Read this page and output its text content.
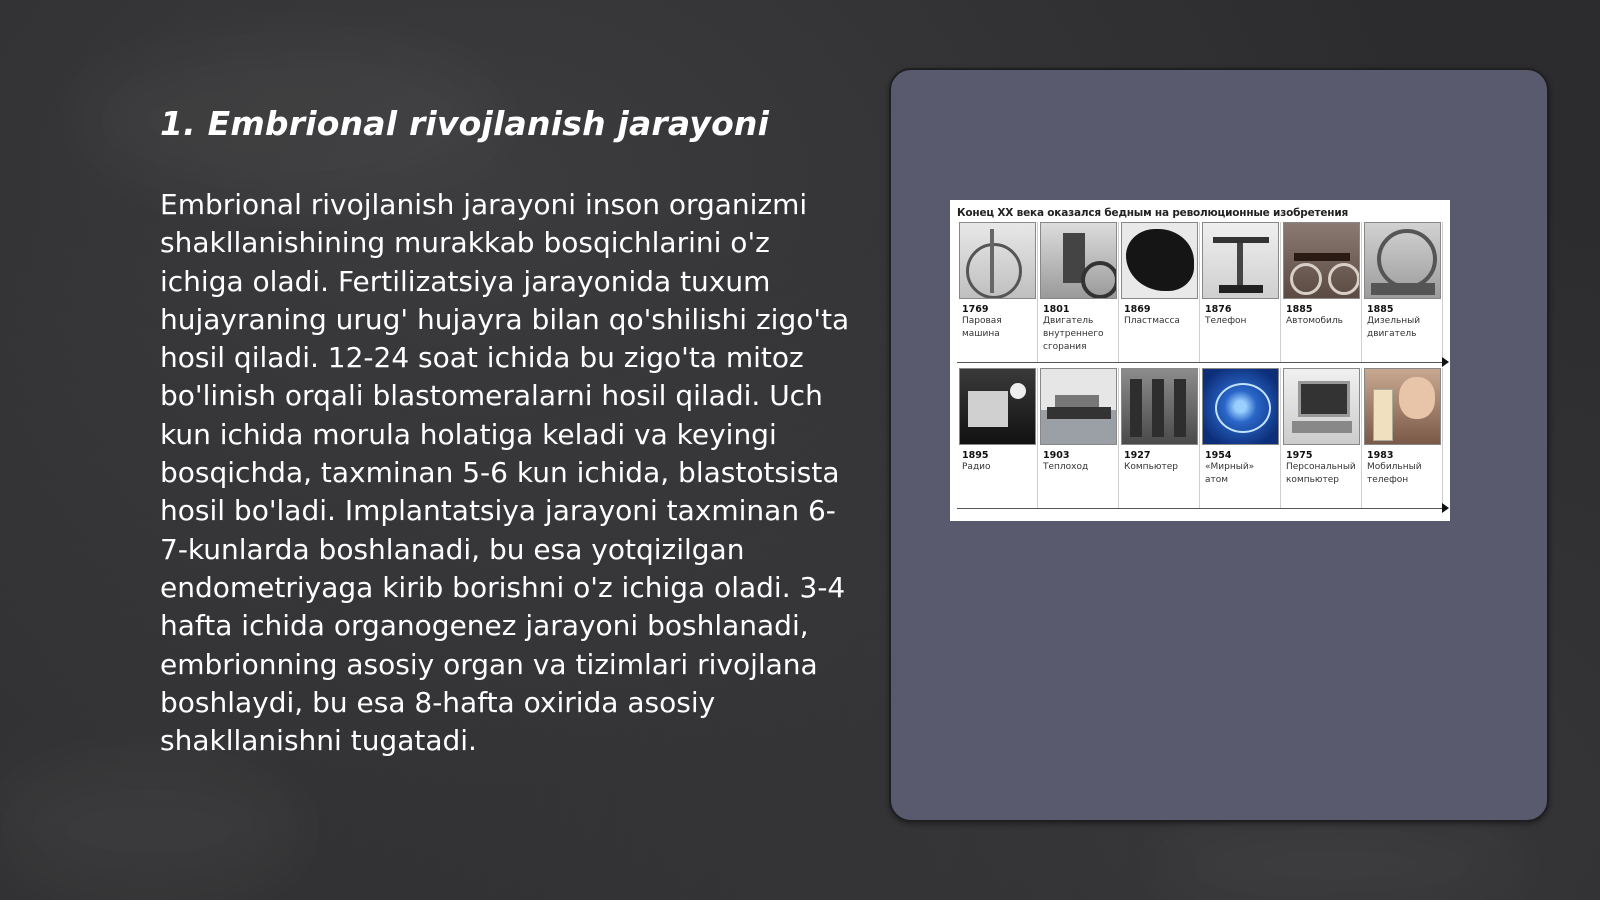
1. Embrional rivojlanish jarayoni

Embrional rivojlanish jarayoni inson organizmi shakllanishining murakkab bosqichlarini o'z ichiga oladi. Fertilizatsiya jarayonida tuxum hujayraning urug' hujayra bilan qo'shilishi zigo'ta hosil qiladi. 12-24 soat ichida bu zigo'ta mitoz bo'linish orqali blastomeralarni hosil qiladi. Uch kun ichida morula holatiga keladi va keyingi bosqichda, taxminan 5-6 kun ichida, blastotsista hosil bo'ladi. Implantatsiya jarayoni taxminan 6-7-kunlarda boshlanadi, bu esa yotqizilgan endometriyaga kirib borishni o'z ichiga oladi. 3-4 hafta ichida organogenez jarayoni boshlanadi, embrionning asosiy organ va tizimlari rivojlana boshlaydi, bu esa 8-hafta oxirida asosiy shakllanishni tugatadi.

Конец XX века оказался бедным на революционные изобретения
1769
Паровая машина
1801
Двигатель внутреннего сгорания
1869
Пластмасса
1876
Телефон
1885
Автомобиль
1885
Дизельный двигатель
1895
Радио
1903
Теплоход
1927
Компьютер
1954
«Мирный» атом
1975
Персональный компьютер
1983
Мобильный телефон
